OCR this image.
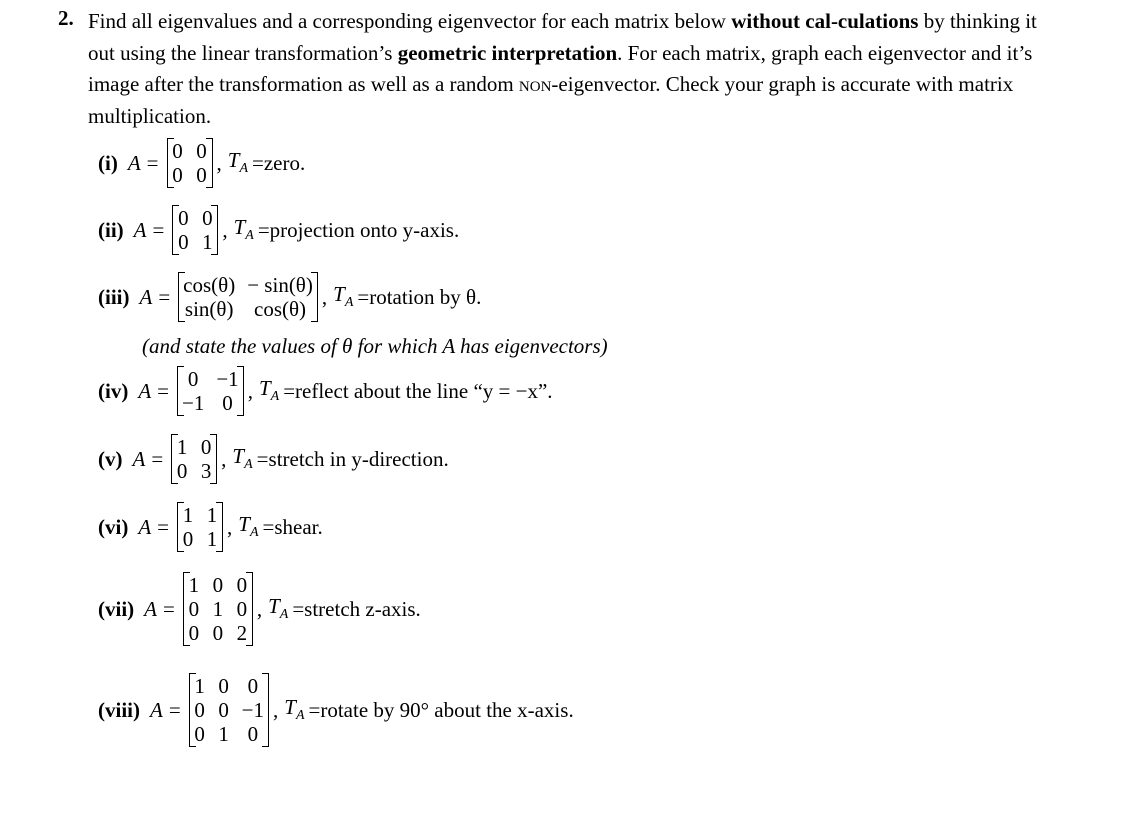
2. Find all eigenvalues and a corresponding eigenvector for each matrix below without cal-culations by thinking it out using the linear transformation’s geometric interpretation. For each matrix, graph each eigenvector and it’s image after the transformation as well as a random non-eigenvector. Check your graph is accurate with matrix multiplication.
(i) A = 0 0
0 0
, $T_A$ =zero.
(ii) A = 0 0
0 1
, $T_A$ =projection onto y-axis.
(iii) A = cos(θ) − sin(θ)
sin(θ) cos(θ)
, $T_A$ =rotation by θ.
(iv) A = 0 −1
−1 0
, $T_A$ =reflect about the line “y = −x”.
(v) A = 1 0
0 3
, $T_A$ =stretch in y-direction.
(vi) A = 1 1
0 1
, $T_A$ =shear.
(vii) A =
1 0 0
0 1 0
0 0 2
, $T_A$ =stretch z-axis.
(viii) A =
1 0 0
0 0 −1
0 1 0
, $T_A$ =rotate by 90° about the x-axis.
(and state the values of θ for which A has eigenvectors)
